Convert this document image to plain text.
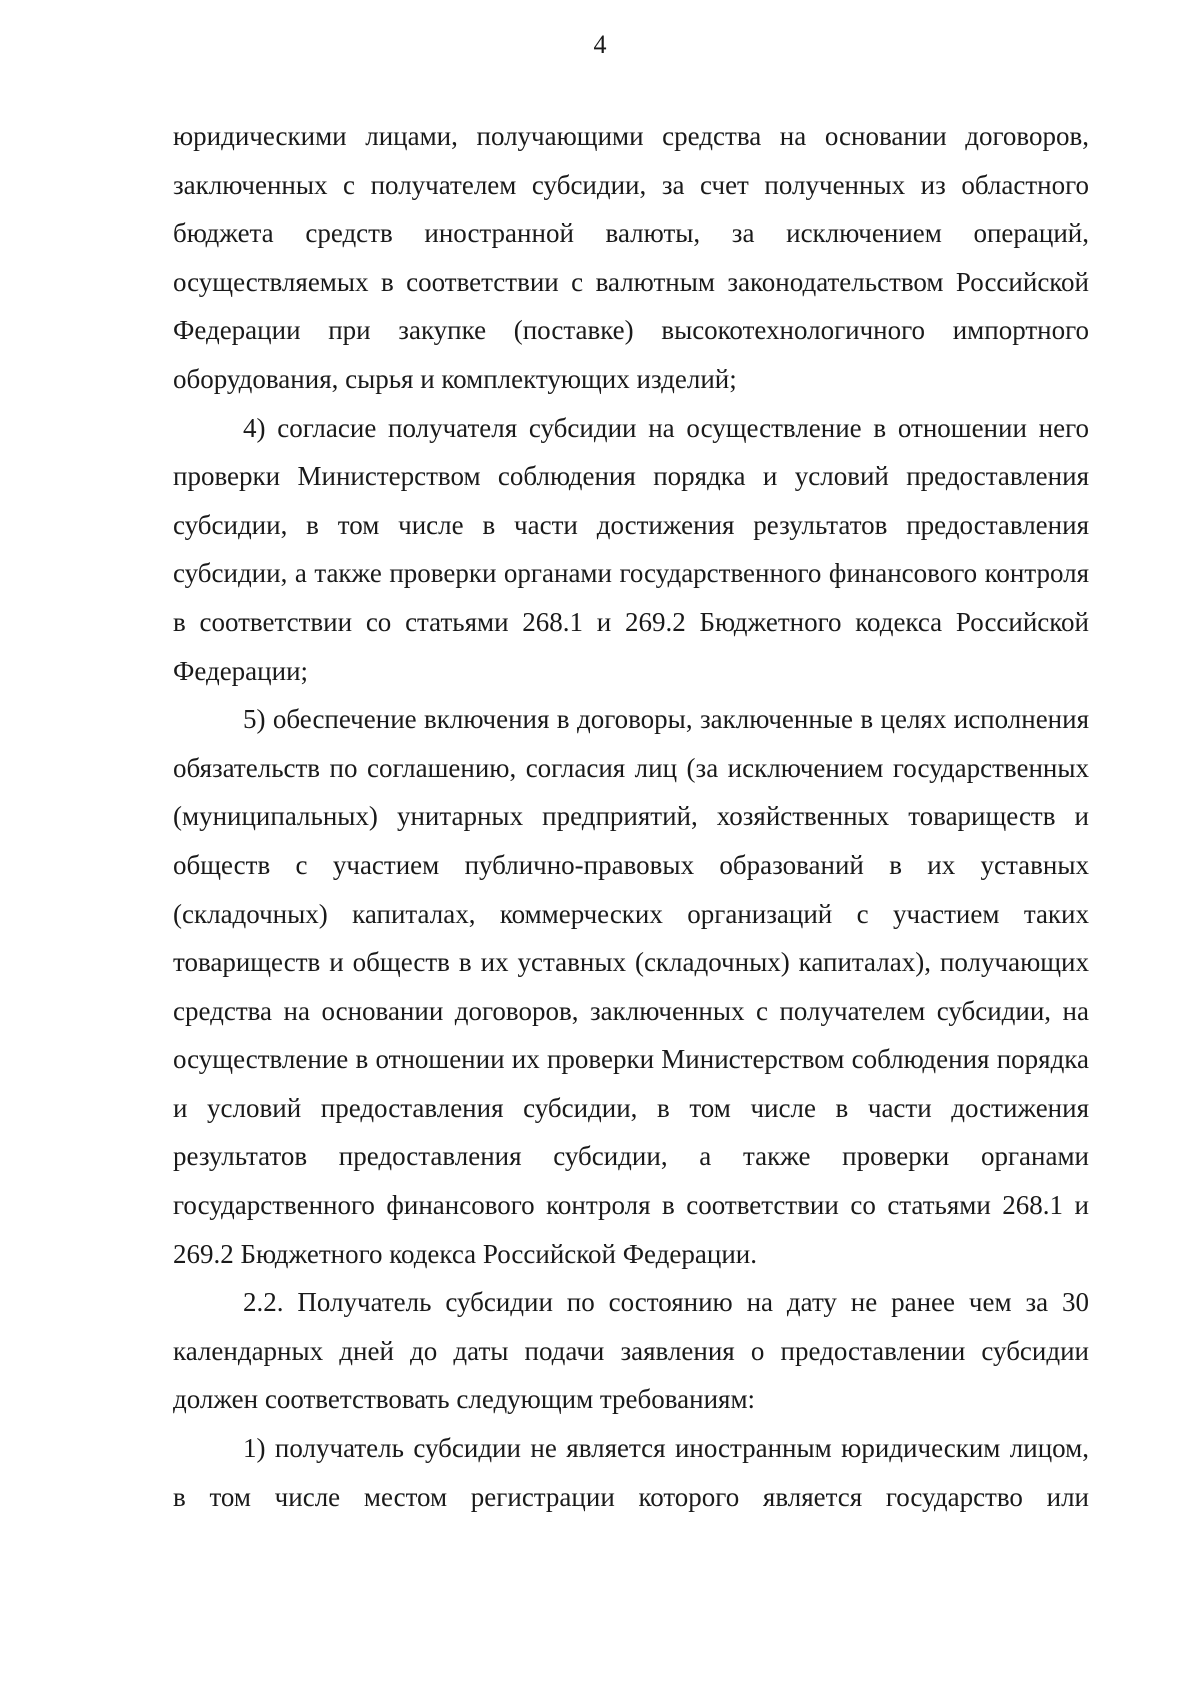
4

юридическими лицами, получающими средства на основании договоров, заключенных с получателем субсидии, за счет полученных из областного бюджета средств иностранной валюты, за исключением операций, осуществляемых в соответствии с валютным законодательством Российской Федерации при закупке (поставке) высокотехнологичного импортного оборудования, сырья и комплектующих изделий;

4) согласие получателя субсидии на осуществление в отношении него проверки Министерством соблюдения порядка и условий предоставления субсидии, в том числе в части достижения результатов предоставления субсидии, а также проверки органами государственного финансового контроля в соответствии со статьями 268.1 и 269.2 Бюджетного кодекса Российской Федерации;

5) обеспечение включения в договоры, заключенные в целях исполнения обязательств по соглашению, согласия лиц (за исключением государственных (муниципальных) унитарных предприятий, хозяйственных товариществ и обществ с участием публично-правовых образований в их уставных (складочных) капиталах, коммерческих организаций с участием таких товариществ и обществ в их уставных (складочных) капиталах), получающих средства на основании договоров, заключенных с получателем субсидии, на осуществление в отношении их проверки Министерством соблюдения порядка и условий предоставления субсидии, в том числе в части достижения результатов предоставления субсидии, а также проверки органами государственного финансового контроля в соответствии со статьями 268.1 и 269.2 Бюджетного кодекса Российской Федерации.

2.2. Получатель субсидии по состоянию на дату не ранее чем за 30 календарных дней до даты подачи заявления о предоставлении субсидии должен соответствовать следующим требованиям:

1) получатель субсидии не является иностранным юридическим лицом, в том числе местом регистрации которого является государство или
